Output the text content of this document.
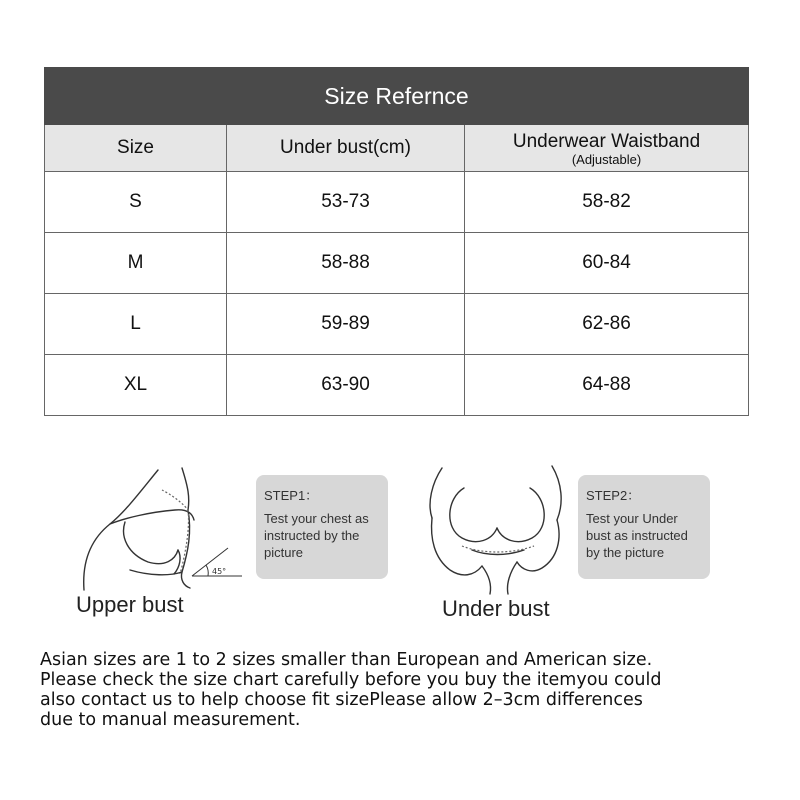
Size Refernce		
Size	Under bust(cm)	Underwear Waistband
(Adjustable)

S	53-73	58-82
M	58-88	60-84
L	59-89	62-86
XL	63-90	64-88
45°
Upper bust
STEP1：
Test your chest as instructed by the picture
Under bust
STEP2：
Test your Under bust as instructed by the picture

Asian sizes are 1 to 2 sizes smaller than European and American size.
Please check the size chart carefully before you buy the itemyou could
also contact us to help choose fit sizePlease allow 2–3cm differences
due to manual measurement.
